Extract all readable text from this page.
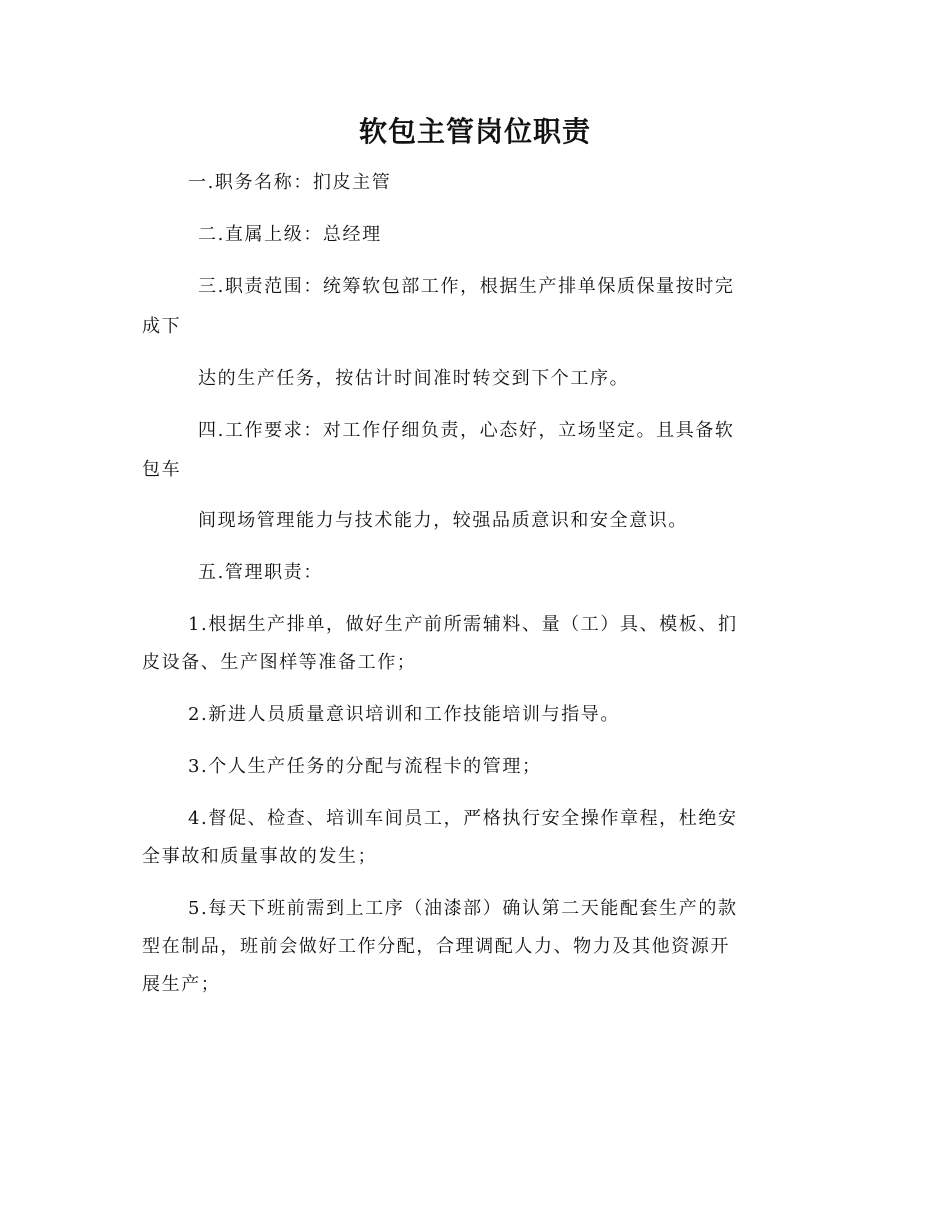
软包主管岗位职责
一.职务名称：扪皮主管
二.直属上级：总经理
三.职责范围：统筹软包部工作，根据生产排单保质保量按时完
成下
达的生产任务，按估计时间准时转交到下个工序。
四.工作要求：对工作仔细负责，心态好，立场坚定。且具备软
包车
间现场管理能力与技术能力，较强品质意识和安全意识。
五.管理职责：
1.根据生产排单，做好生产前所需辅料、量（工）具、模板、扪
皮设备、生产图样等准备工作；
2.新进人员质量意识培训和工作技能培训与指导。
3.个人生产任务的分配与流程卡的管理；
4.督促、检查、培训车间员工，严格执行安全操作章程，杜绝安
全事故和质量事故的发生；
5.每天下班前需到上工序（油漆部）确认第二天能配套生产的款
型在制品，班前会做好工作分配，合理调配人力、物力及其他资源开
展生产；
